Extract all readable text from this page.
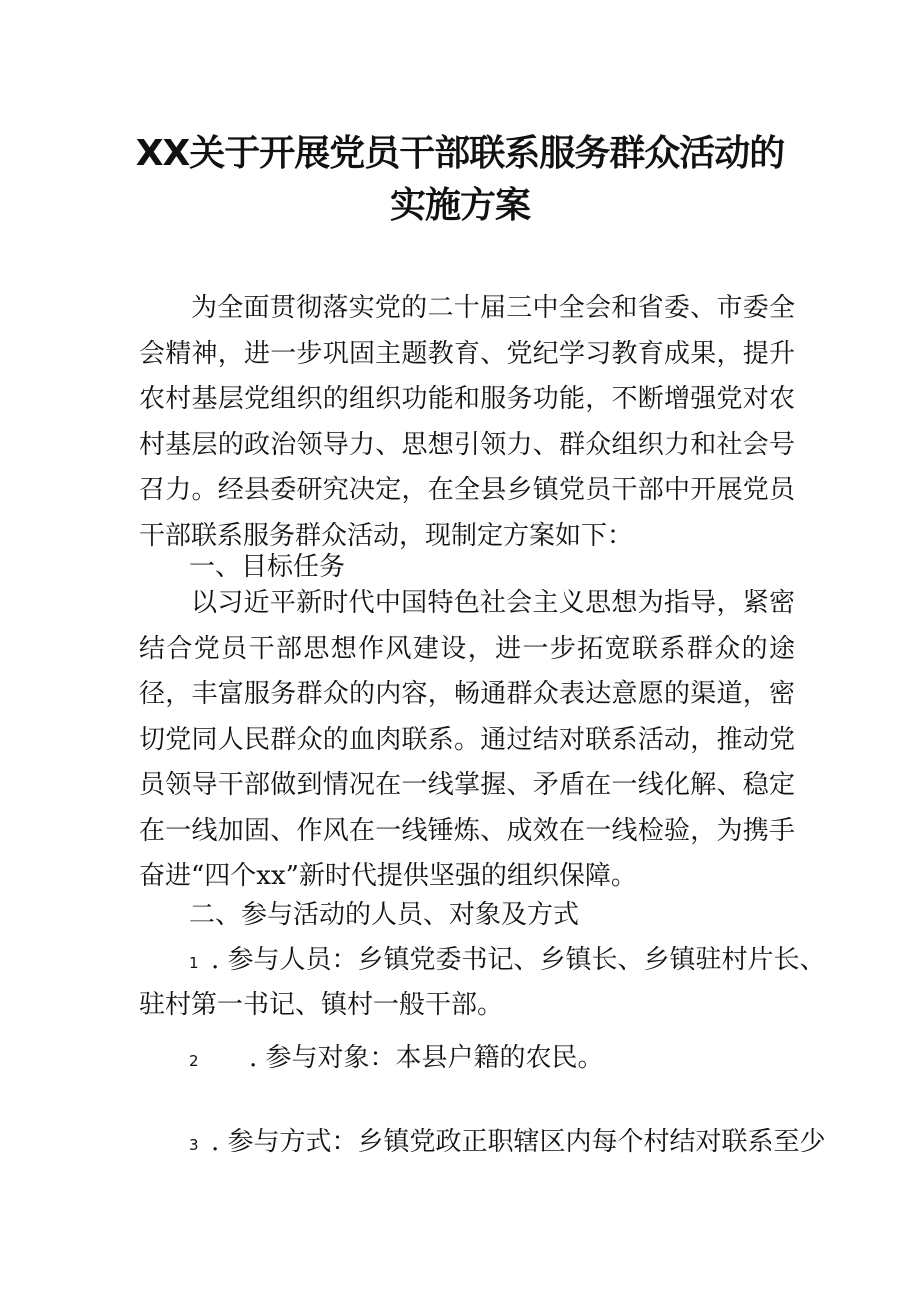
XX关于开展党员干部联系服务群众活动的
实施方案

为全面贯彻落实党的二十届三中全会和省委、市委全会精神，进一步巩固主题教育、党纪学习教育成果，提升农村基层党组织的组织功能和服务功能，不断增强党对农村基层的政治领导力、思想引领力、群众组织力和社会号召力。经县委研究决定，在全县乡镇党员干部中开展党员干部联系服务群众活动，现制定方案如下：

一、目标任务

以习近平新时代中国特色社会主义思想为指导，紧密结合党员干部思想作风建设，进一步拓宽联系群众的途径，丰富服务群众的内容，畅通群众表达意愿的渠道，密切党同人民群众的血肉联系。通过结对联系活动，推动党员领导干部做到情况在一线掌握、矛盾在一线化解、稳定在一线加固、作风在一线锤炼、成效在一线检验，为携手奋进“四个xx”新时代提供坚强的组织保障。

二、参与活动的人员、对象及方式

1 . 参与人员：乡镇党委书记、乡镇长、乡镇驻村片长、

驻村第一书记、镇村一般干部。

2 . 参与对象：本县户籍的农民。

3 . 参与方式：乡镇党政正职辖区内每个村结对联系至少
